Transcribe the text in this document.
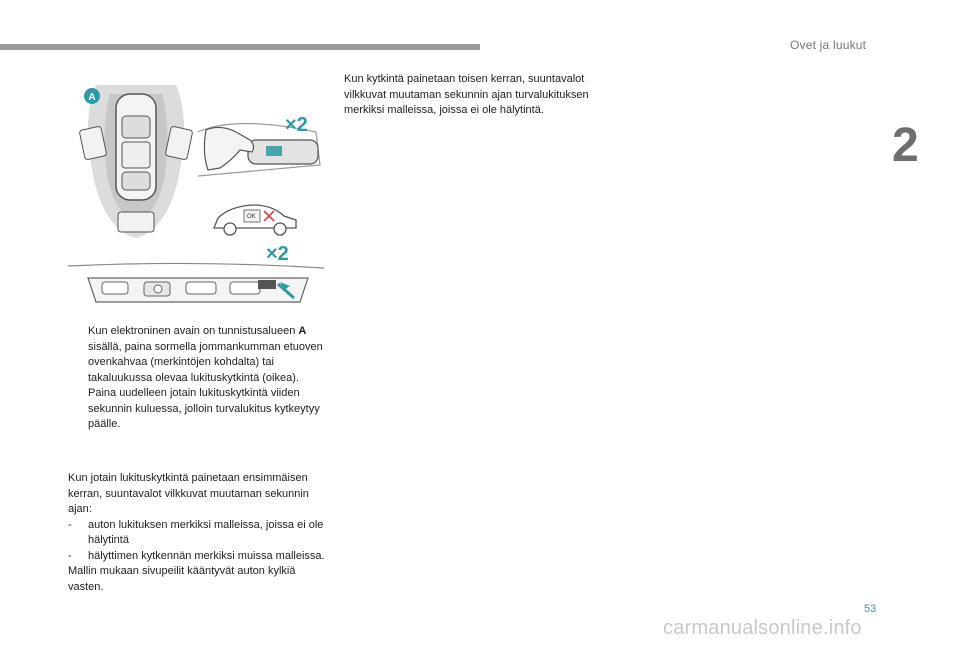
Ovet ja luukut
2
A
×2
OK
×2
Kun elektroninen avain on tunnistusalueen A sisällä, paina sormella jommankumman etuoven ovenkahvaa (merkintöjen kohdalta) tai takaluukussa olevaa lukituskytkintä (oikea).
Paina uudelleen jotain lukituskytkintä viiden sekunnin kuluessa, jolloin turvalukitus kytkeytyy päälle.

Kun jotain lukituskytkintä painetaan ensimmäisen kerran, suuntavalot vilkkuvat muutaman sekunnin ajan:

- auton lukituksen merkiksi malleissa, joissa ei ole hälytintä
- hälyttimen kytkennän merkiksi muissa malleissa.

Mallin mukaan sivupeilit kääntyvät auton kylkiä vasten.

Kun kytkintä painetaan toisen kerran, suuntavalot vilkkuvat muutaman sekunnin ajan turvalukituksen merkiksi malleissa, joissa ei ole hälytintä.

53
carmanualsonline.info
